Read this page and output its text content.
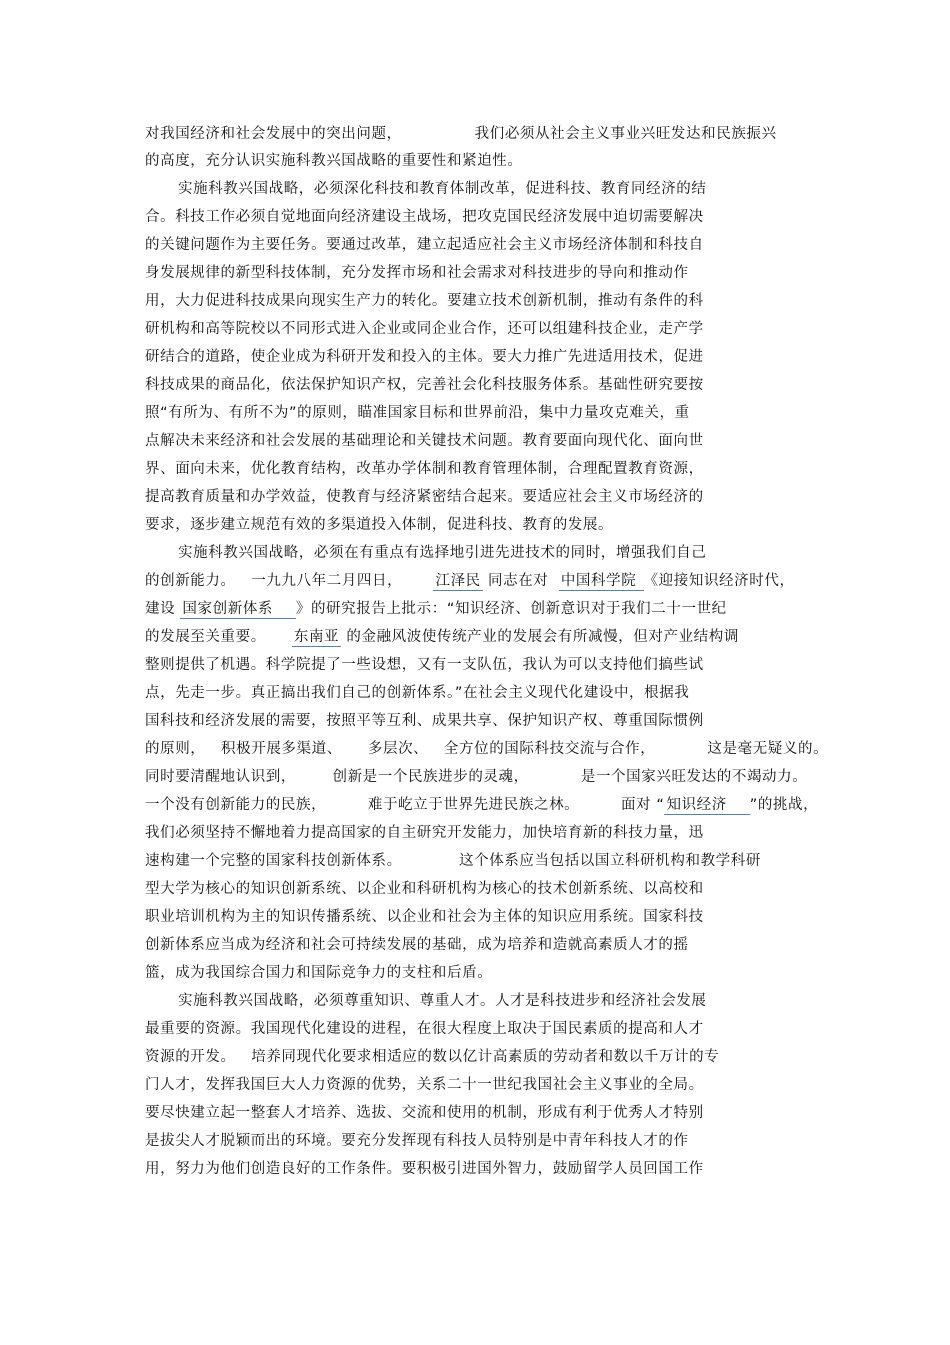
对我国经济和社会发展中的突出问题，              我们必须从社会主义事业兴旺发达和民族振兴
的高度，充分认识实施科教兴国战略的重要性和紧迫性。
实施科教兴国战略，必须深化科技和教育体制改革，促进科技、教育同经济的结
合。科技工作必须自觉地面向经济建设主战场，把攻克国民经济发展中迫切需要解决
的关键问题作为主要任务。要通过改革，建立起适应社会主义市场经济体制和科技自
身发展规律的新型科技体制，充分发挥市场和社会需求对科技进步的导向和推动作
用，大力促进科技成果向现实生产力的转化。要建立技术创新机制，推动有条件的科
研机构和高等院校以不同形式进入企业或同企业合作，还可以组建科技企业，走产学
研结合的道路，使企业成为科研开发和投入的主体。要大力推广先进适用技术，促进
科技成果的商品化，依法保护知识产权，完善社会化科技服务体系。基础性研究要按
照“有所为、有所不为”的原则，瞄准国家目标和世界前沿，集中力量攻克难关，重
点解决未来经济和社会发展的基础理论和关键技术问题。教育要面向现代化、面向世
界、面向未来，优化教育结构，改革办学体制和教育管理体制，合理配置教育资源，
提高教育质量和办学效益，使教育与经济紧密结合起来。要适应社会主义市场经济的
要求，逐步建立规范有效的多渠道投入体制，促进科技、教育的发展。
实施科教兴国战略，必须在有重点有选择地引进先进技术的同时，增强我们自己
的创新能力。   一九九八年二月四日，      江泽民 同志在对  中国科学院 《迎接知识经济时代，
建设 国家创新体系    》的研究报告上批示：“知识经济、创新意识对于我们二十一世纪
的发展至关重要。     东南亚 的金融风波使传统产业的发展会有所减慢，但对产业结构调
整则提供了机遇。科学院提了一些设想，又有一支队伍，我认为可以支持他们搞些试
点，先走一步。真正搞出我们自己的创新体系。”在社会主义现代化建设中，根据我
国科技和经济发展的需要，按照平等互利、成果共享、保护知识产权、尊重国际惯例
的原则，   积极开展多渠道、     多层次、   全方位的国际科技交流与合作，          这是毫无疑义的。
同时要清醒地认识到，       创新是一个民族进步的灵魂，          是一个国家兴旺发达的不竭动力。
一个没有创新能力的民族，        难于屹立于世界先进民族之林。        面对 “ 知识经济    ”的挑战，
我们必须坚持不懈地着力提高国家的自主研究开发能力，加快培育新的科技力量，迅
速构建一个完整的国家科技创新体系。           这个体系应当包括以国立科研机构和教学科研
型大学为核心的知识创新系统、以企业和科研机构为核心的技术创新系统、以高校和
职业培训机构为主的知识传播系统、以企业和社会为主体的知识应用系统。国家科技
创新体系应当成为经济和社会可持续发展的基础，成为培养和造就高素质人才的摇
篮，成为我国综合国力和国际竞争力的支柱和后盾。
实施科教兴国战略，必须尊重知识、尊重人才。人才是科技进步和经济社会发展
最重要的资源。我国现代化建设的进程，在很大程度上取决于国民素质的提高和人才
资源的开发。   培养同现代化要求相适应的数以亿计高素质的劳动者和数以千万计的专
门人才，发挥我国巨大人力资源的优势，关系二十一世纪我国社会主义事业的全局。
要尽快建立起一整套人才培养、选拔、交流和使用的机制，形成有利于优秀人才特别
是拔尖人才脱颖而出的环境。要充分发挥现有科技人员特别是中青年科技人才的作
用，努力为他们创造良好的工作条件。要积极引进国外智力，鼓励留学人员回国工作
